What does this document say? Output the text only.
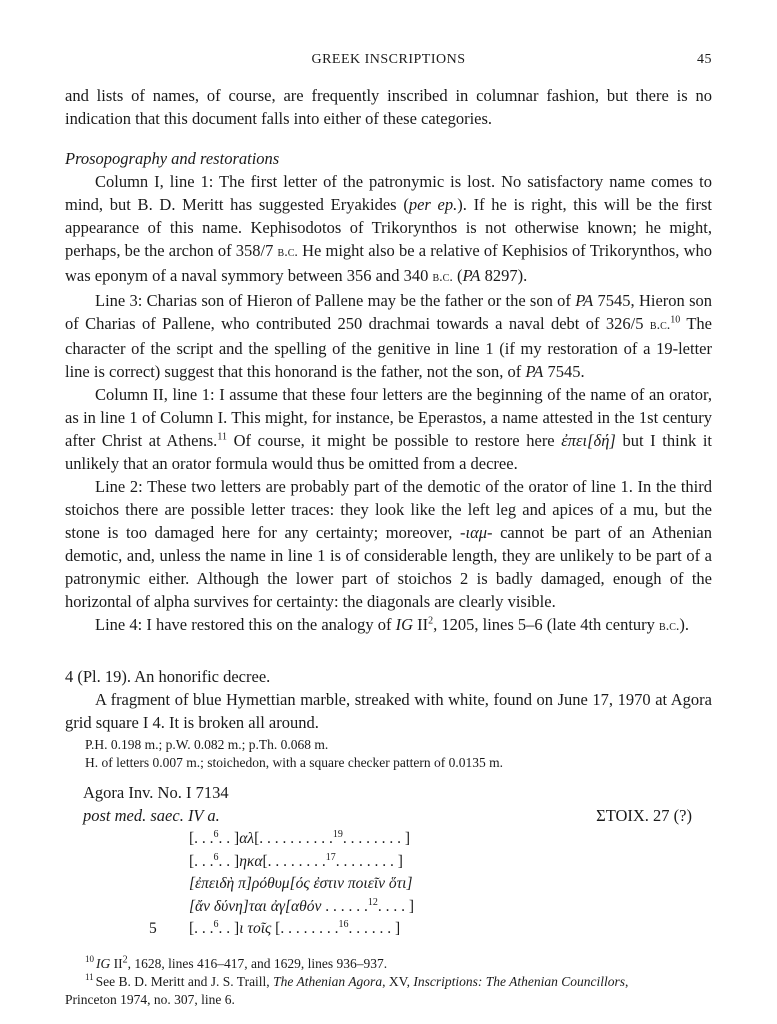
GREEK INSCRIPTIONS	45

and lists of names, of course, are frequently inscribed in columnar fashion, but there is no indication that this document falls into either of these categories.

Prosopography and restorations

Column I, line 1: The first letter of the patronymic is lost. No satisfactory name comes to mind, but B. D. Meritt has suggested Eryakides (per ep.). If he is right, this will be the first appearance of this name. Kephisodotos of Trikorynthos is not otherwise known; he might, perhaps, be the archon of 358/7 b.c. He might also be a relative of Kephisios of Trikorynthos, who was eponym of a naval symmory between 356 and 340 b.c. (PA 8297).

Line 3: Charias son of Hieron of Pallene may be the father or the son of PA 7545, Hieron son of Charias of Pallene, who contributed 250 drachmai towards a naval debt of 326/5 b.c.$^{10}$ The character of the script and the spelling of the genitive in line 1 (if my restoration of a 19-letter line is correct) suggest that this honorand is the father, not the son, of PA 7545.

Column II, line 1: I assume that these four letters are the beginning of the name of an orator, as in line 1 of Column I. This might, for instance, be Eperastos, a name attested in the 1st century after Christ at Athens.$^{11}$ Of course, it might be possible to restore here ἐπει[δή] but I think it unlikely that an orator formula would thus be omitted from a decree.

Line 2: These two letters are probably part of the demotic of the orator of line 1. In the third stoichos there are possible letter traces: they look like the left leg and apices of a mu, but the stone is too damaged here for any certainty; moreover, -ιαμ- cannot be part of an Athenian demotic, and, unless the name in line 1 is of considerable length, they are unlikely to be part of a patronymic either. Although the lower part of stoichos 2 is badly damaged, enough of the horizontal of alpha survives for certainty: the diagonals are clearly visible.

Line 4: I have restored this on the analogy of IG $II^2$, 1205, lines 5–6 (late 4th century b.c.).

4 (Pl. 19). An honorific decree.

A fragment of blue Hymettian marble, streaked with white, found on June 17, 1970 at Agora grid square I 4. It is broken all around.

P.H. 0.198 m.; p.W. 0.082 m.; p.Th. 0.068 m.

H. of letters 0.007 m.; stoichedon, with a square checker pattern of 0.0135 m.

Agora Inv. No. I 7134
post med. saec. IV a.	ΣΤΟΙΧ. 27 (?)
[. . .$^6$. . ]αλ[. . . . . . . . . .$^{19}$. . . . . . . . ]
[. . .$^6$. . ]ηκα[. . . . . . . .$^{17}$. . . . . . . . ]
[ἐπειδὴ π]ρόθυμ[ός ἐστιν ποιεῖν ὅτι]
[ἄν δύνη]ται ἀγ[αθόν . . . . . .$^{12}$. . . . ]
5 [. . .$^6$. . ]ι τοῖς [. . . . . . . .$^{16}$. . . . . . ]

$^{10}$ IG $II^2$, 1628, lines 416–417, and 1629, lines 936–937.

$^{11}$ See B. D. Meritt and J. S. Traill, The Athenian Agora, XV, Inscriptions: The Athenian Councillors,

Princeton 1974, no. 307, line 6.
